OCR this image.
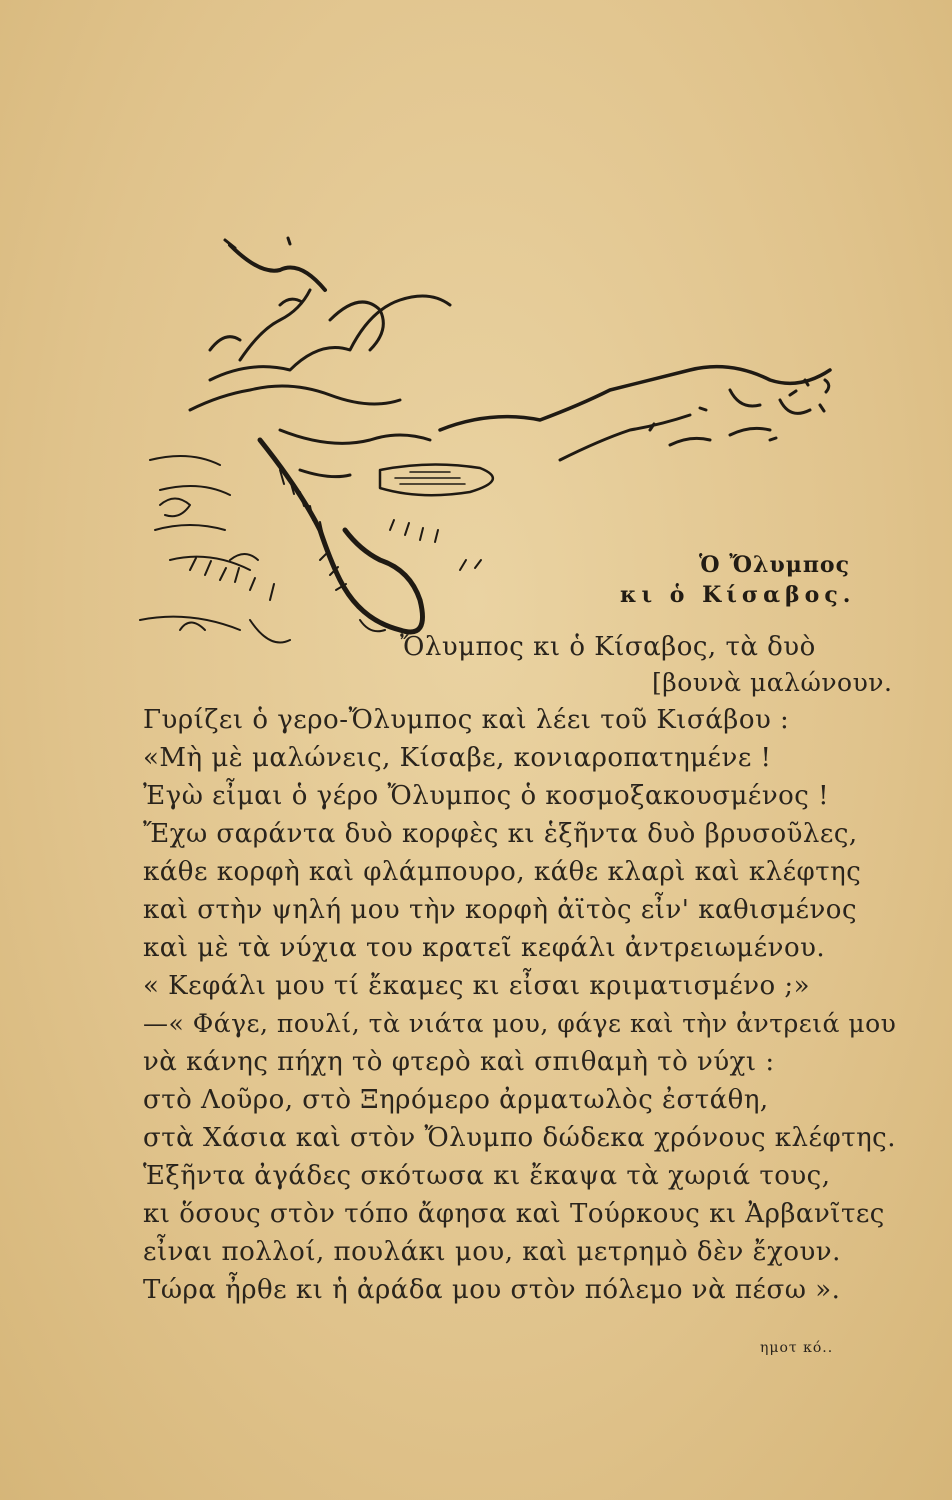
Ὁ Ὄλυμπος
κι ὁ Κίσαβος.
Ὄλυμπος κι ὁ Κίσαβος, τὰ δυὸ
[βουνὰ μαλώνουν.
Γυρίζει ὁ γερο-Ὄλυμπος καὶ λέει τοῦ Κισάβου :
«Μὴ μὲ μαλώνεις, Κίσαβε, κονιαροπατημένε !
Ἐγὼ εἶμαι ὁ γέρο Ὄλυμπος ὁ κοσμοξακουσμένος !
Ἔχω σαράντα δυὸ κορφὲς κι ἑξῆντα δυὸ βρυσοῦλες,
κάθε κορφὴ καὶ φλάμπουρο, κάθε κλαρὶ καὶ κλέφτης
καὶ στὴν ψηλή μου τὴν κορφὴ ἀϊτὸς εἶν' καθισμένος
καὶ μὲ τὰ νύχια του κρατεῖ κεφάλι ἀντρειωμένου.
« Κεφάλι μου τί ἔκαμες κι εἶσαι κριματισμένο ;»
—« Φάγε, πουλί, τὰ νιάτα μου, φάγε καὶ τὴν ἀντρειά μου
νὰ κάνης πήχη τὸ φτερὸ καὶ σπιθαμὴ τὸ νύχι :
στὸ Λοῦρο, στὸ Ξηρόμερο ἀρματωλὸς ἐστάθη,
στὰ Χάσια καὶ στὸν Ὄλυμπο δώδεκα χρόνους κλέφτης.
Ἑξῆντα ἀγάδες σκότωσα κι ἔκαψα τὰ χωριά τους,
κι ὅσους στὸν τόπο ἄφησα καὶ Τούρκους κι Ἀρβανῖτες
εἶναι πολλοί, πουλάκι μου, καὶ μετρημὸ δὲν ἔχουν.
Τώρα ἦρθε κι ἡ ἀράδα μου στὸν πόλεμο νὰ πέσω ».
ημοτ κό..
